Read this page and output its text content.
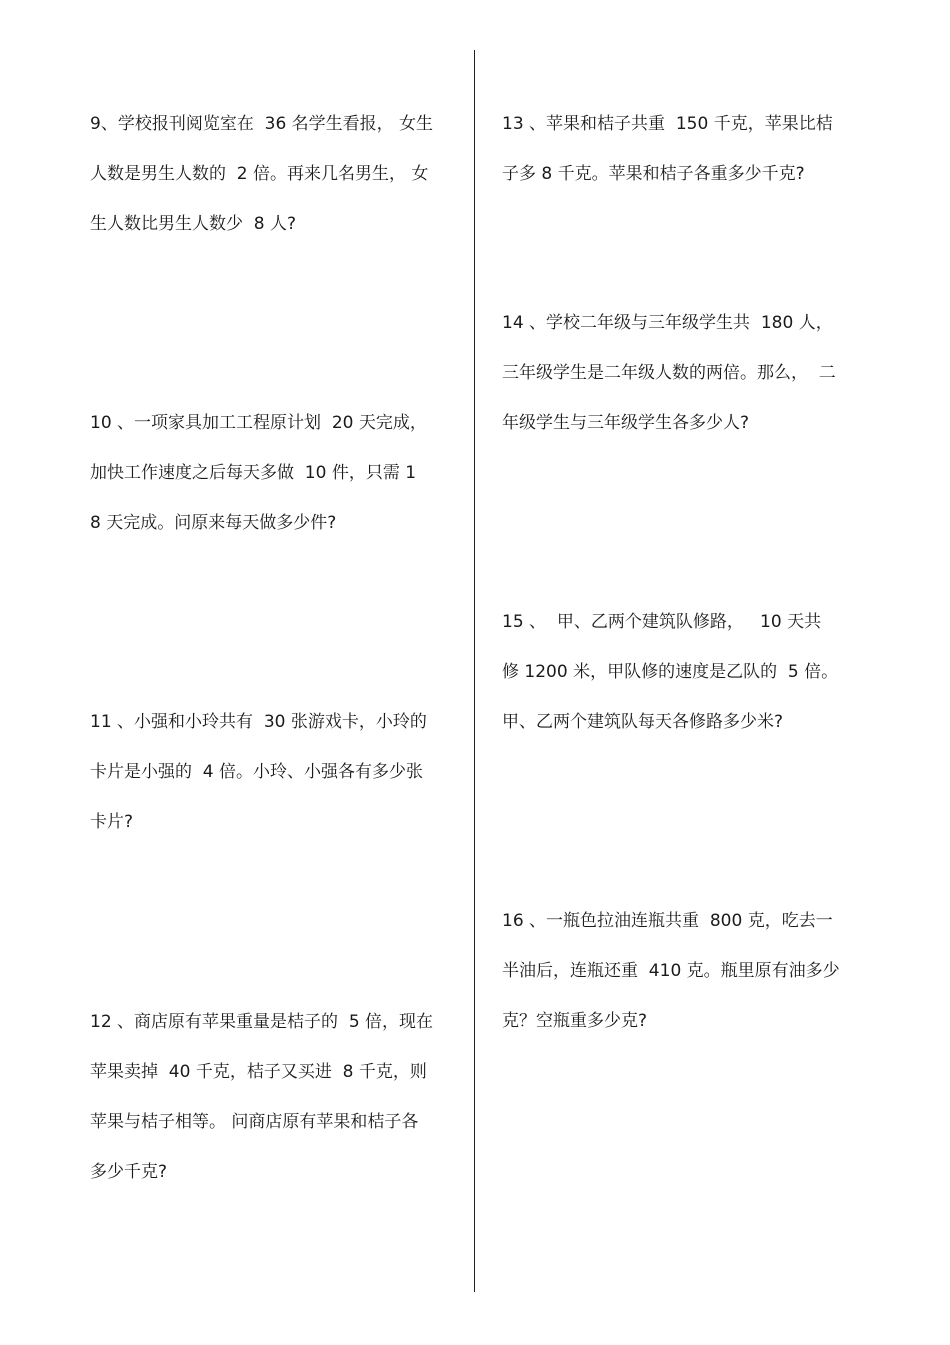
9、学校报刊阅览室在  36 名学生看报， 女生
人数是男生人数的  2 倍。再来几名男生， 女
生人数比男生人数少  8 人?
10 、一项家具加工工程原计划  20 天完成，
加快工作速度之后每天多做  10 件，只需 1
8 天完成。问原来每天做多少件?
11 、小强和小玲共有  30 张游戏卡，小玲的
卡片是小强的  4 倍。小玲、小强各有多少张
卡片?
12 、商店原有苹果重量是桔子的  5 倍，现在
苹果卖掉  40 千克，桔子又买进  8 千克，则
苹果与桔子相等。 问商店原有苹果和桔子各
多少千克?
13 、苹果和桔子共重  150 千克，苹果比桔
子多 8 千克。苹果和桔子各重多少千克?
14 、学校二年级与三年级学生共  180 人，
三年级学生是二年级人数的两倍。那么，  二
年级学生与三年级学生各多少人?
15 、  甲、乙两个建筑队修路，   10 天共
修 1200 米，甲队修的速度是乙队的  5 倍。
甲、乙两个建筑队每天各修路多少米?
16 、一瓶色拉油连瓶共重  800 克，吃去一
半油后，连瓶还重  410 克。瓶里原有油多少
克？空瓶重多少克?
